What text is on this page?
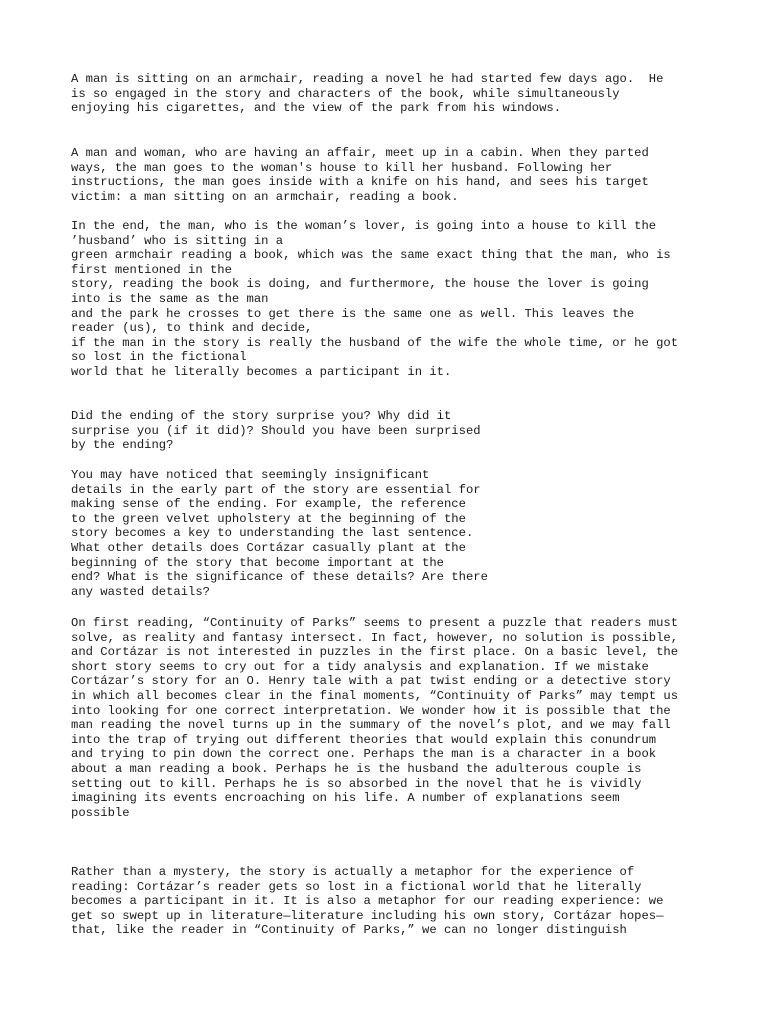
A man is sitting on an armchair, reading a novel he had started few days ago.  He
is so engaged in the story and characters of the book, while simultaneously
enjoying his cigarettes, and the view of the park from his windows.

A man and woman, who are having an affair, meet up in a cabin. When they parted
ways, the man goes to the woman's house to kill her husband. Following her
instructions, the man goes inside with a knife on his hand, and sees his target
victim: a man sitting on an armchair, reading a book.

In the end, the man, who is the woman’s lover, is going into a house to kill the
’husband’ who is sitting in a
green armchair reading a book, which was the same exact thing that the man, who is
first mentioned in the
story, reading the book is doing, and furthermore, the house the lover is going
into is the same as the man
and the park he crosses to get there is the same one as well. This leaves the
reader (us), to think and decide,
if the man in the story is really the husband of the wife the whole time, or he got
so lost in the fictional
world that he literally becomes a participant in it.

Did the ending of the story surprise you? Why did it
surprise you (if it did)? Should you have been surprised
by the ending?

You may have noticed that seemingly insignificant
details in the early part of the story are essential for
making sense of the ending. For example, the reference
to the green velvet upholstery at the beginning of the
story becomes a key to understanding the last sentence.
What other details does Cortázar casually plant at the
beginning of the story that become important at the
end? What is the significance of these details? Are there
any wasted details?

On first reading, “Continuity of Parks” seems to present a puzzle that readers must
solve, as reality and fantasy intersect. In fact, however, no solution is possible,
and Cortázar is not interested in puzzles in the first place. On a basic level, the
short story seems to cry out for a tidy analysis and explanation. If we mistake
Cortázar’s story for an O. Henry tale with a pat twist ending or a detective story
in which all becomes clear in the final moments, “Continuity of Parks” may tempt us
into looking for one correct interpretation. We wonder how it is possible that the
man reading the novel turns up in the summary of the novel’s plot, and we may fall
into the trap of trying out different theories that would explain this conundrum
and trying to pin down the correct one. Perhaps the man is a character in a book
about a man reading a book. Perhaps he is the husband the adulterous couple is
setting out to kill. Perhaps he is so absorbed in the novel that he is vividly
imagining its events encroaching on his life. A number of explanations seem
possible

Rather than a mystery, the story is actually a metaphor for the experience of
reading: Cortázar’s reader gets so lost in a fictional world that he literally
becomes a participant in it. It is also a metaphor for our reading experience: we
get so swept up in literature—literature including his own story, Cortázar hopes—
that, like the reader in “Continuity of Parks,” we can no longer distinguish
